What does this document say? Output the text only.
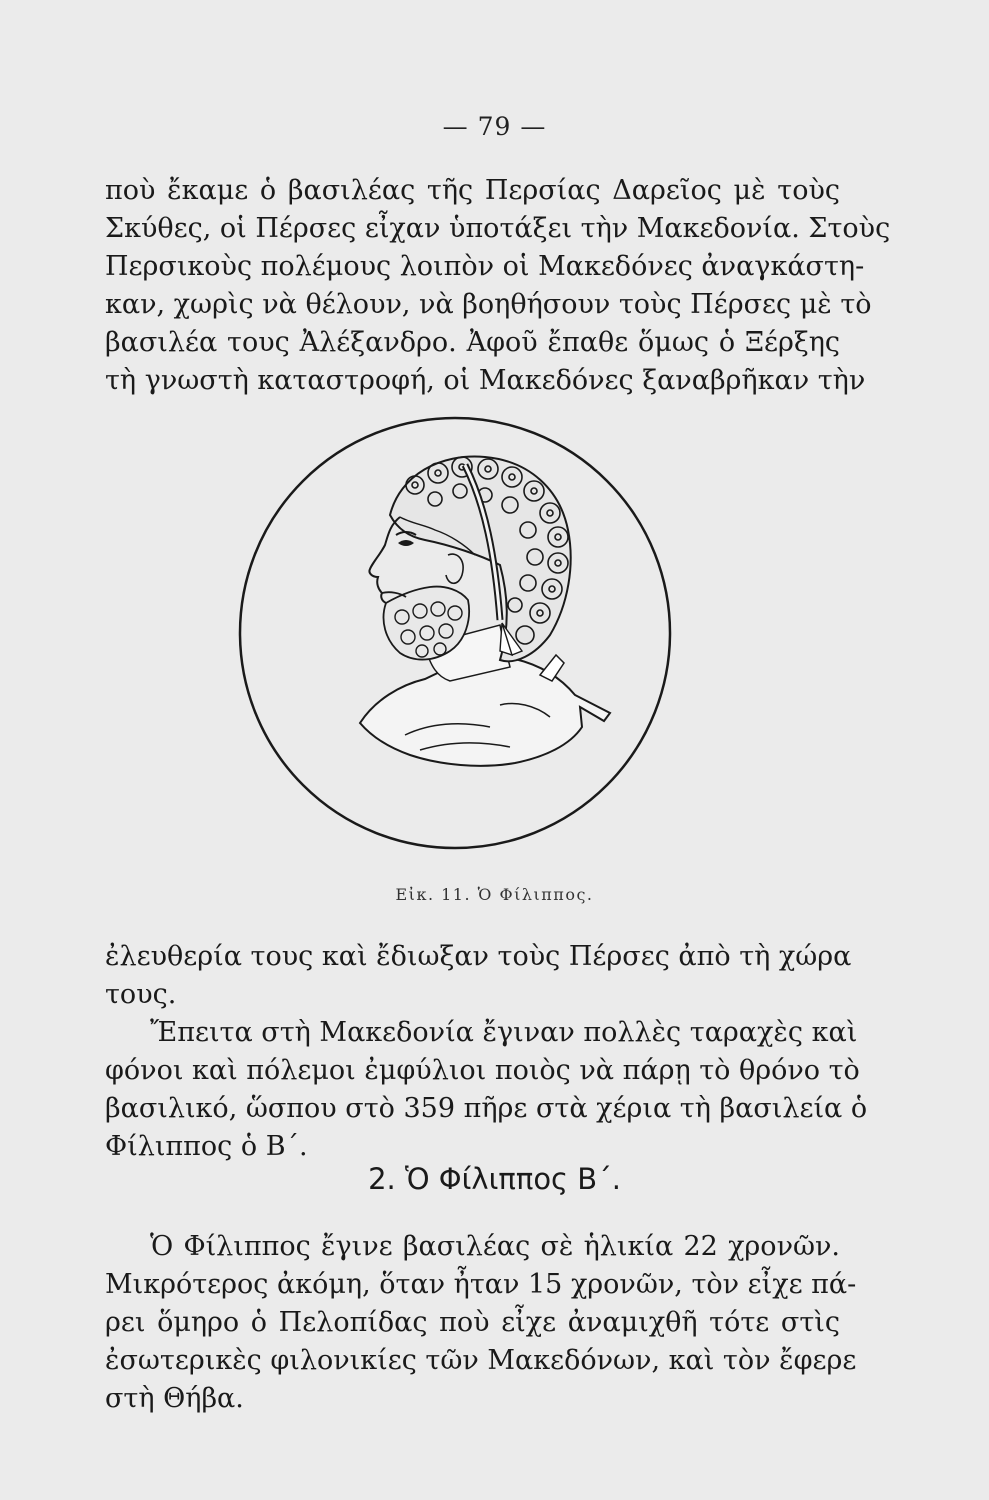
— 79 —
ποὺ ἔκαμε ὁ βασιλέας τῆς Περσίας Δαρεῖος μὲ τοὺς
Σκύθες, οἱ Πέρσες εἶχαν ὑποτάξει τὴν Μακεδονία. Στοὺς
Περσικοὺς πολέμους λοιπὸν οἱ Μακεδόνες ἀναγκάστη-
καν, χωρὶς νὰ θέλουν, νὰ βοηθήσουν τοὺς Πέρσες μὲ τὸ
βασιλέα τους Ἀλέξανδρο. Ἀφοῦ ἔπαθε ὅμως ὁ Ξέρξης
τὴ γνωστὴ καταστροφή, οἱ Μακεδόνες ξαναβρῆκαν τὴν
Εἰκ. 11. Ὁ Φίλιππος.
ἐλευθερία τους καὶ ἔδιωξαν τοὺς Πέρσες ἀπὸ τὴ χώρα
τους.
Ἔπειτα στὴ Μακεδονία ἔγιναν πολλὲς ταραχὲς καὶ
φόνοι καὶ πόλεμοι ἐμφύλιοι ποιὸς νὰ πάρῃ τὸ θρόνο τὸ
βασιλικό, ὥσπου στὸ 359 πῆρε στὰ χέρια τὴ βασιλεία ὁ
Φίλιππος ὁ Β΄.
2. Ὁ Φίλιππος Β΄.
Ὁ Φίλιππος ἔγινε βασιλέας σὲ ἡλικία 22 χρονῶν.
Μικρότερος ἀκόμη, ὅταν ἦταν 15 χρονῶν, τὸν εἶχε πά-
ρει ὅμηρο ὁ Πελοπίδας ποὺ εἶχε ἀναμιχθῆ τότε στὶς
ἐσωτερικὲς φιλονικίες τῶν Μακεδόνων, καὶ τὸν ἔφερε
στὴ Θήβα.
